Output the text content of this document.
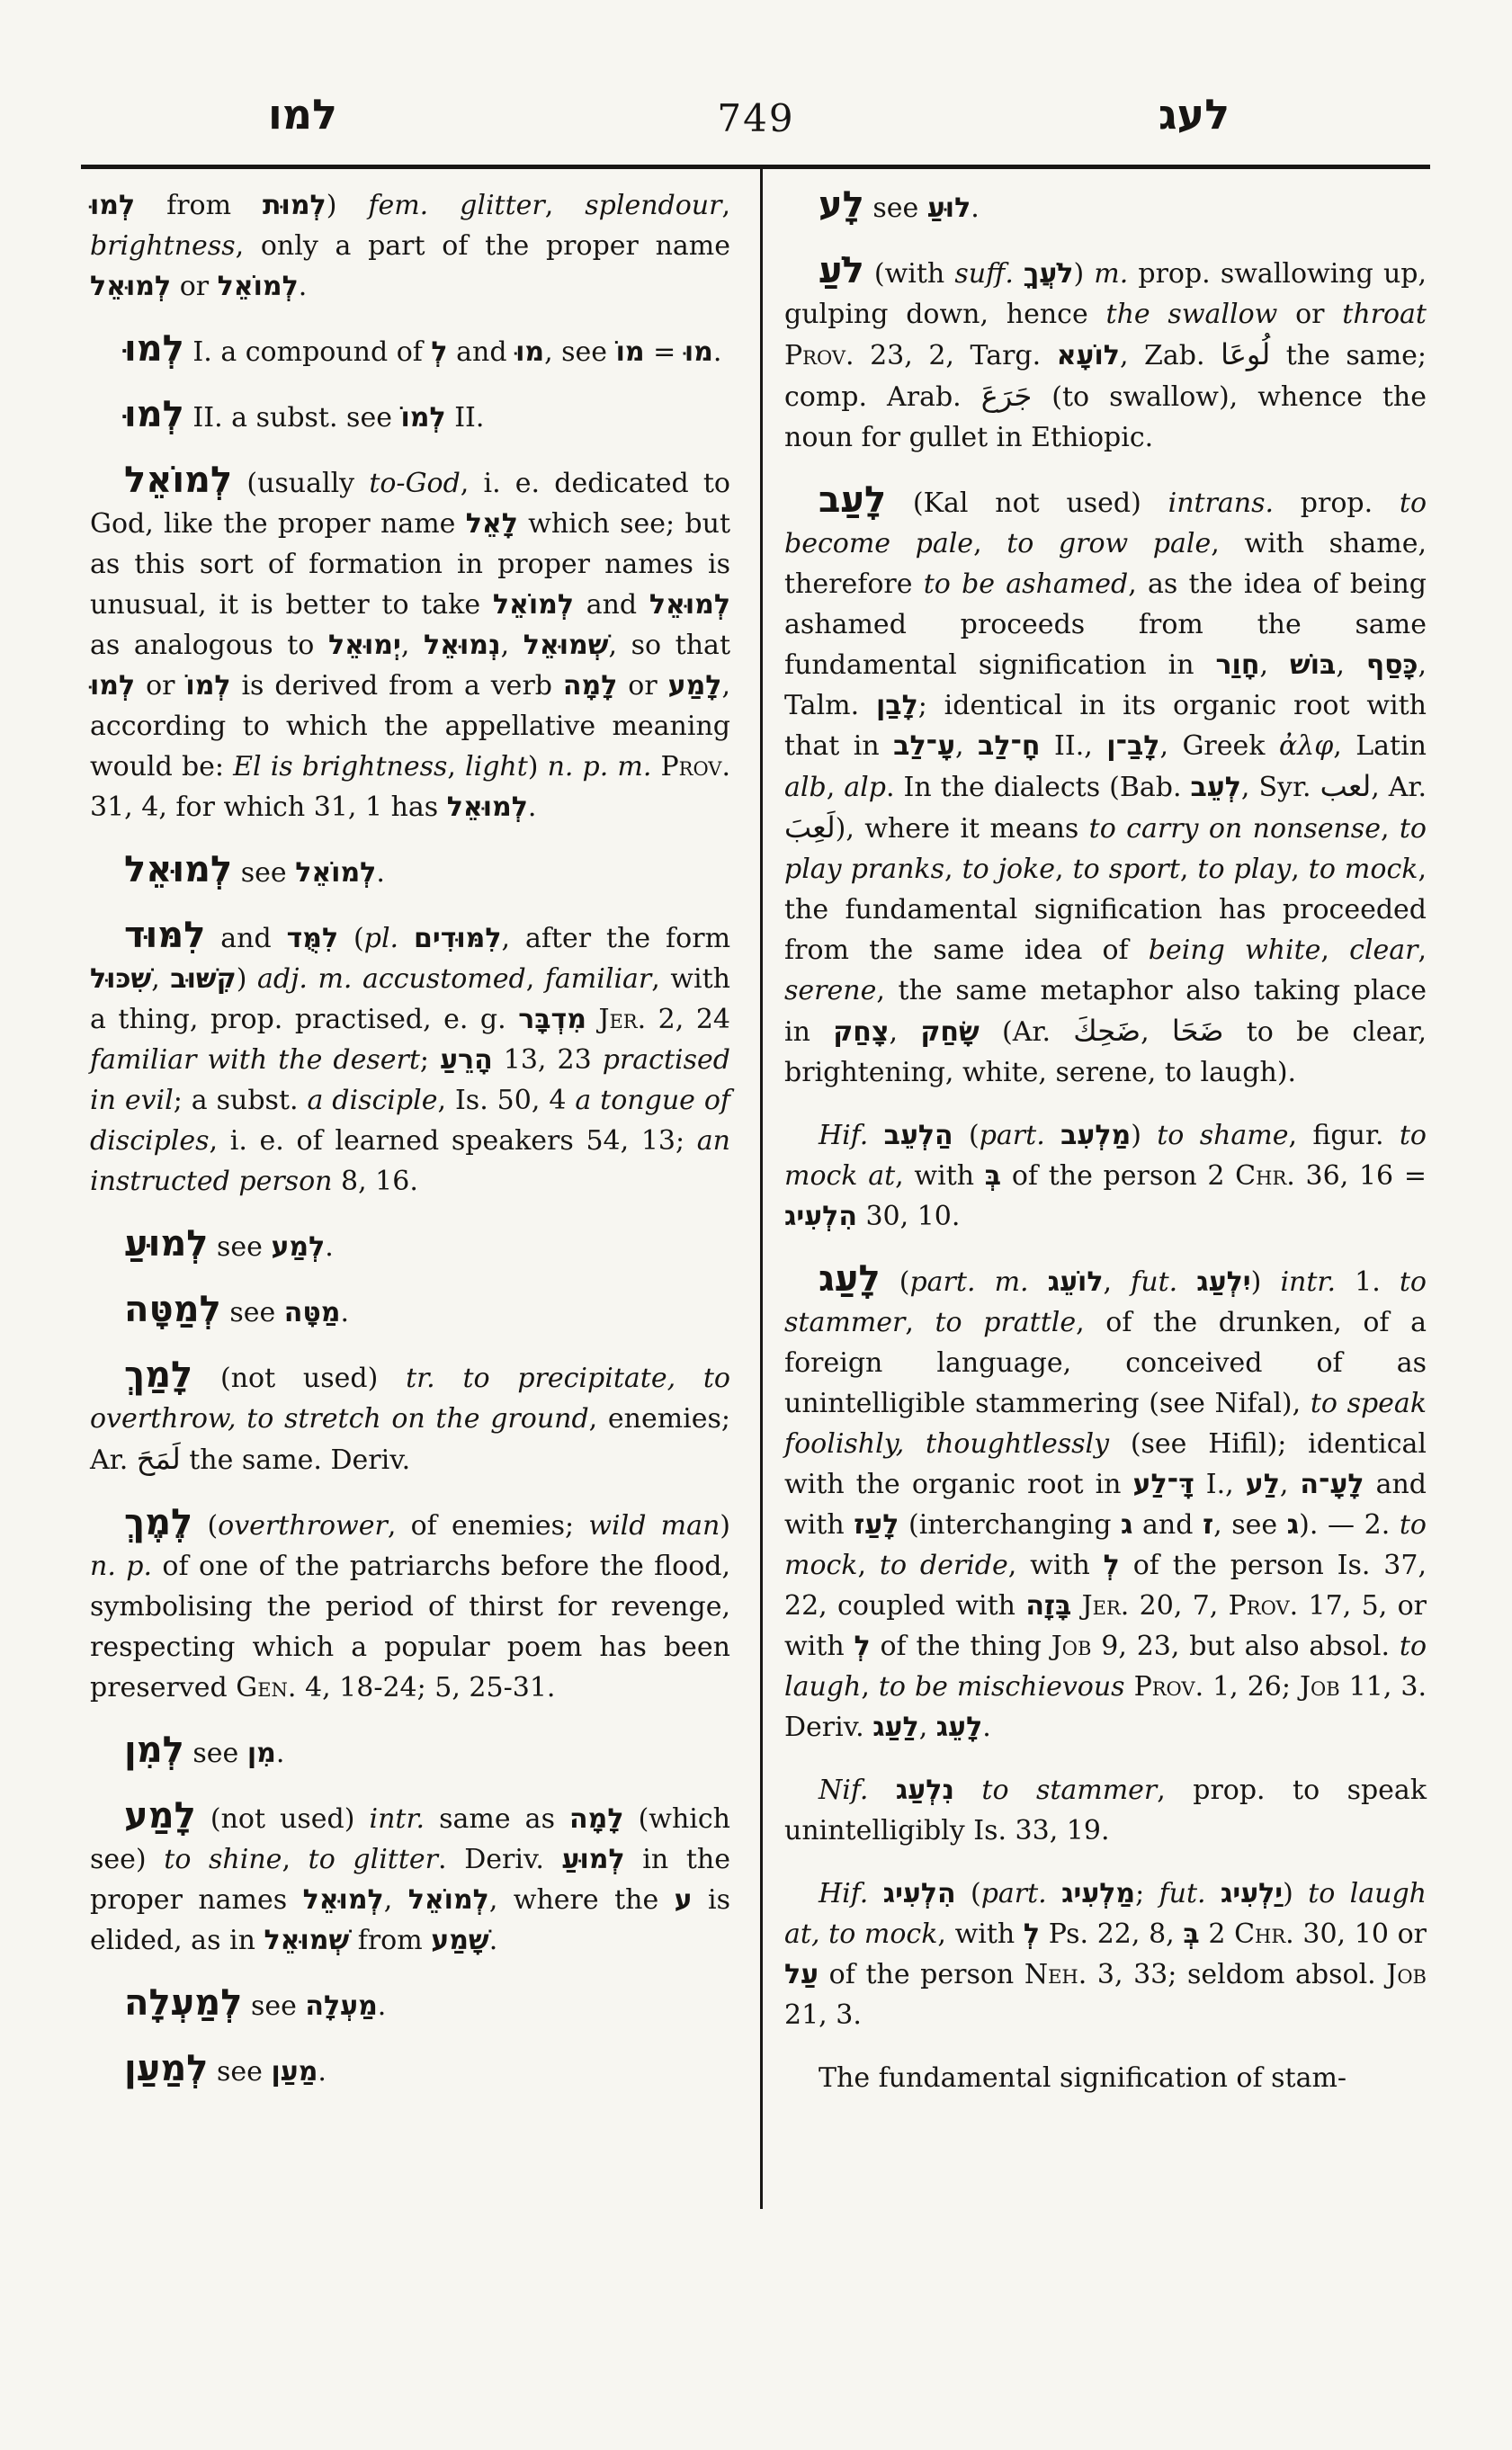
למו	749	לעג

לְמוּ from לְמוּת) fem. glitter, splendour, brightness, only a part of the proper name לְמוּאֵל or לְמוֹאֵל.

לְמוּ I. a compound of לְ and מוּ, see מוֹ = מוּ.

לְמוּ II. a subst. see לְמוֹ II.

לְמוֹאֵל (usually to-God, i. e. dedicated to God, like the proper name לָאֵל which see; but as this sort of formation in proper names is unusual, it is better to take לְמוֹאֵל and לְמוּאֵל as analogous to יְמוּאֵל, נְמוּאֵל, שְׁמוּאֵל, so that לְמוּ or לְמוֹ is derived from a verb לָמָה or לָמַע, according to which the appellative meaning would be: El is brightness, light) n. p. m. Prov. 31, 4, for which 31, 1 has לְמוּאֵל.

לְמוּאֵל see לְמוֹאֵל.

לִמּוּד and לִמֻּד (pl. לִמּוּדִים, after the form שִׁכּוּל, קִשּׁוּב) adj. m. accustomed, familiar, with a thing, prop. practised, e. g. מִדְבָּר Jer. 2, 24 familiar with the desert; הָרֵעַ 13, 23 practised in evil; a subst. a disciple, Is. 50, 4 a tongue of disciples, i. e. of learned speakers 54, 13; an instructed person 8, 16.

לְמוּעַ see לְמַע.

לְמַטָּה see מַטָּה.

לָמַךְ (not used) tr. to precipitate, to overthrow, to stretch on the ground, enemies; Ar. لَمَحَ the same. Deriv.

לֶמֶךְ (overthrower, of enemies; wild man) n. p. of one of the patriarchs before the flood, symbolising the period of thirst for revenge, respecting which a popular poem has been preserved Gen. 4, 18-24; 5, 25-31.

לְמִן see מִן.

לָמַע (not used) intr. same as לָמָה (which see) to shine, to glitter. Deriv. לְמוּעַ in the proper names לְמוּאֵל, לְמוֹאֵל, where the ע is elided, as in שְׁמוּאֵל from שָׁמַע.

לְמַעְלָה see מַעְלָה.

לְמַעַן see מַעַן.

לָע see לוּעַ.

לֹעַ (with suff. לֹעֲךָ) m. prop. swallowing up, gulping down, hence the swallow or throat Prov. 23, 2, Targ. לוֹעָא, Zab. لُوعَا the same; comp. Arab. جَرَعَ (to swallow), whence the noun for gullet in Ethiopic.

לָעַב (Kal not used) intrans. prop. to become pale, to grow pale, with shame, therefore to be ashamed, as the idea of being ashamed proceeds from the same fundamental signification in חָוַר, בּוֹשׁ, כָּסַף, Talm. לָבַן; identical in its organic root with that in עָ־לַב, חָ־לַב II., לָבַ־ן, Greek ἀλφ, Latin alb, alp. In the dialects (Bab. לְעֵב, Syr. لعب, Ar. لَعِبَ), where it means to carry on nonsense, to play pranks, to joke, to sport, to play, to mock, the fundamental signification has proceeded from the same idea of being white, clear, serene, the same metaphor also taking place in צָחַק, שָׂחַק (Ar. ضَحِكَ, ضَحَا to be clear, brightening, white, serene, to laugh).

Hif. הַלְעֵב (part. מַלְעִב) to shame, figur. to mock at, with בְּ of the person 2 Chr. 36, 16 = הִלְעִיג 30, 10.

לָעַג (part. m. לוֹעֵג, fut. יִלְעַג) intr. 1. to stammer, to prattle, of the drunken, of a foreign language, conceived of as unintelligible stammering (see Nifal), to speak foolishly, thoughtlessly (see Hifil); identical with the organic root in דָּ־לַע I., לַע, לָעָ־ה and with לָעַז (interchanging ג and ז, see ג). — 2. to mock, to deride, with לְ of the person Is. 37, 22, coupled with בָּזָה Jer. 20, 7, Prov. 17, 5, or with לְ of the thing Job 9, 23, but also absol. to laugh, to be mischievous Prov. 1, 26; Job 11, 3. Deriv. לַעַג, לָעֵג.

Nif. נִלְעַג to stammer, prop. to speak unintelligibly Is. 33, 19.

Hif. הִלְעִיג (part. מַלְעִיג; fut. יַלְעִיג) to laugh at, to mock, with לְ Ps. 22, 8, בְּ 2 Chr. 30, 10 or עַל of the person Neh. 3, 33; seldom absol. Job 21, 3.

The fundamental signification of stam-
